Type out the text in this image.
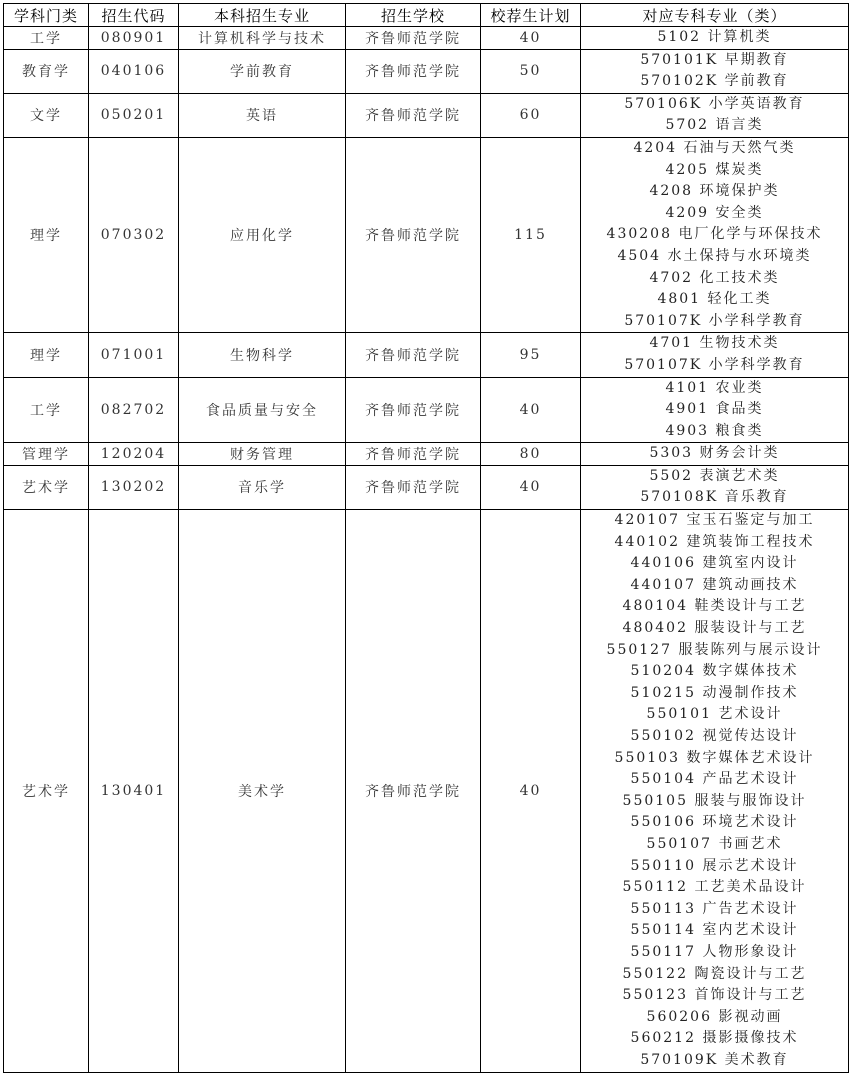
学科门类	招生代码	本科招生专业	招生学校	校荐生计划	对应专科专业（类）
工学	080901	计算机科学与技术	齐鲁师范学院	40	5102 计算机类

教育学	040106	学前教育	齐鲁师范学院	50	570101K 早期教育
570102K 学前教育

文学	050201	英语	齐鲁师范学院	60	570106K 小学英语教育
5702 语言类

理学	070302	应用化学	齐鲁师范学院	115	
4204 石油与天然气类
4205 煤炭类
4208 环境保护类
4209 安全类
430208 电厂化学与环保技术
4504 水土保持与水环境类
4702 化工技术类
4801 轻化工类
570107K 小学科学教育

理学	071001	生物科学	齐鲁师范学院	95	4701 生物技术类
570107K 小学科学教育

工学	082702	食品质量与安全	齐鲁师范学院	40	4101 农业类
4901 食品类
4903 粮食类

管理学	120204	财务管理	齐鲁师范学院	80	5303 财务会计类

艺术学	130202	音乐学	齐鲁师范学院	40	5502 表演艺术类
570108K 音乐教育

艺术学	130401	美术学	齐鲁师范学院	40	
420107 宝玉石鉴定与加工
440102 建筑装饰工程技术
440106 建筑室内设计
440107 建筑动画技术
480104 鞋类设计与工艺
480402 服装设计与工艺
550127 服装陈列与展示设计
510204 数字媒体技术
510215 动漫制作技术
550101 艺术设计
550102 视觉传达设计
550103 数字媒体艺术设计
550104 产品艺术设计
550105 服装与服饰设计
550106 环境艺术设计
550107 书画艺术
550110 展示艺术设计
550112 工艺美术品设计
550113 广告艺术设计
550114 室内艺术设计
550117 人物形象设计
550122 陶瓷设计与工艺
550123 首饰设计与工艺
560206 影视动画
560212 摄影摄像技术
570109K 美术教育
